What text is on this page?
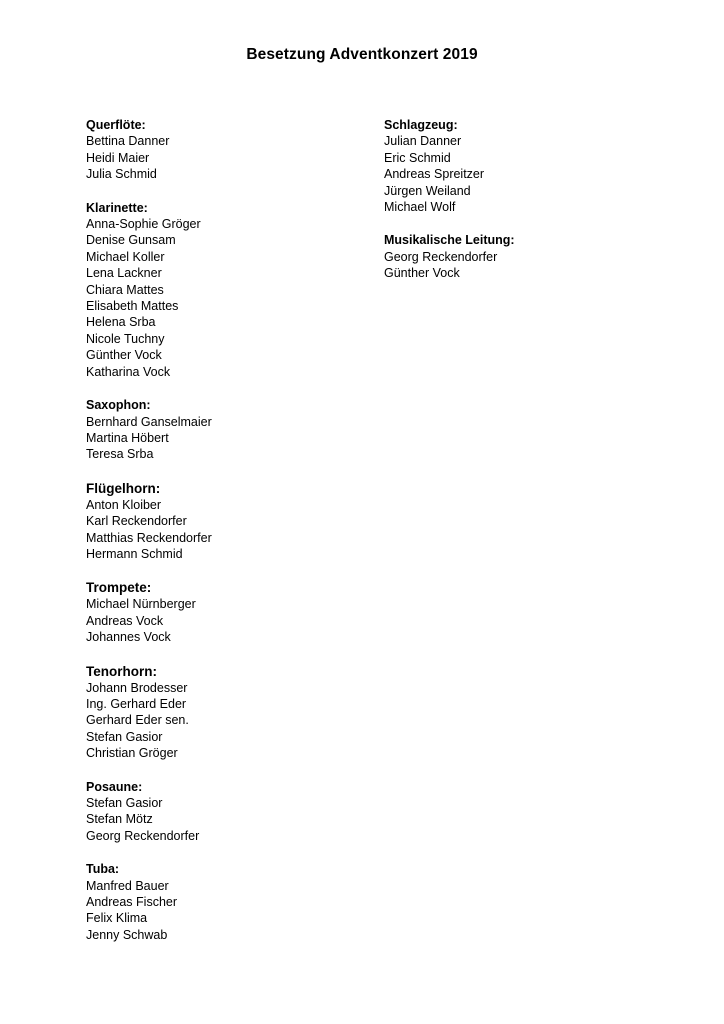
Besetzung Adventkonzert 2019
Querflöte:
Bettina Danner
Heidi Maier
Julia Schmid
Klarinette:
Anna-Sophie Gröger
Denise Gunsam
Michael Koller
Lena Lackner
Chiara Mattes
Elisabeth Mattes
Helena Srba
Nicole Tuchny
Günther Vock
Katharina Vock
Saxophon:
Bernhard Ganselmaier
Martina Höbert
Teresa Srba
Flügelhorn:
Anton Kloiber
Karl Reckendorfer
Matthias Reckendorfer
Hermann Schmid
Trompete:
Michael Nürnberger
Andreas Vock
Johannes Vock
Tenorhorn:
Johann Brodesser
Ing. Gerhard Eder
Gerhard Eder sen.
Stefan Gasior
Christian Gröger
Posaune:
Stefan Gasior
Stefan Mötz
Georg Reckendorfer
Tuba:
Manfred Bauer
Andreas Fischer
Felix Klima
Jenny Schwab
Schlagzeug:
Julian Danner
Eric Schmid
Andreas Spreitzer
Jürgen Weiland
Michael Wolf
Musikalische Leitung:
Georg Reckendorfer
Günther Vock
